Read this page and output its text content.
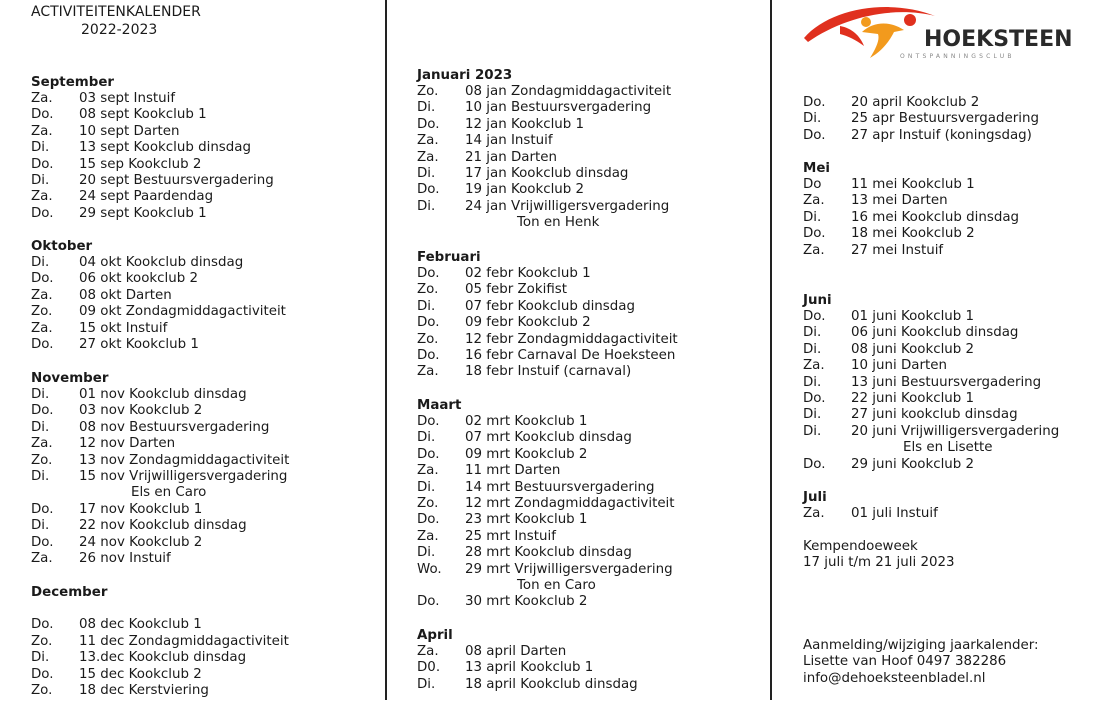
ACTIVITEITENKALENDER
2022-2023	HOEKSTEEN
ONTSPANNINGSCLUB
September
Za.	03 sept Instuif
Do.	08 sept Kookclub 1
Za.	10 sept Darten
Di.	13 sept Kookclub dinsdag
Do.	15 sep Kookclub 2
Di.	20 sept Bestuursvergadering
Za.	24 sept Paardendag
Do.	29 sept Kookclub 1
Oktober
Di.	04 okt Kookclub dinsdag
Do.	06 okt kookclub 2
Za.	08 okt Darten
Zo.	09 okt Zondagmiddagactiviteit
Za.	15 okt Instuif
Do.	27 okt Kookclub 1
November
Di.	01 nov Kookclub dinsdag
Do.	03 nov Kookclub 2
Di.	08 nov Bestuursvergadering
Za.	12 nov Darten
Zo.	13 nov Zondagmiddagactiviteit
Di.	15 nov Vrijwilligersvergadering
Els en Caro
Do.	17 nov Kookclub 1
Di.	22 nov Kookclub dinsdag
Do.	24 nov Kookclub 2
Za.	26 nov Instuif
December
Do.	08 dec Kookclub 1
Zo.	11 dec Zondagmiddagactiviteit
Di.	13.dec Kookclub dinsdag
Do.	15 dec Kookclub 2
Zo.	18 dec Kerstviering
Januari 2023
Zo.	08 jan Zondagmiddagactiviteit
Di.	10 jan Bestuursvergadering
Do.	12 jan Kookclub 1
Za.	14 jan Instuif
Za.	21 jan Darten
Di.	17 jan Kookclub dinsdag
Do.	19 jan Kookclub 2
Di.	24 jan Vrijwilligersvergadering
Ton en Henk
Februari
Do.	02 febr Kookclub 1
Zo.	05 febr Zokifist
Di.	07 febr Kookclub dinsdag
Do.	09 febr Kookclub 2
Zo.	12 febr Zondagmiddagactiviteit
Do.	16 febr Carnaval De Hoeksteen
Za.	18 febr Instuif (carnaval)
Maart
Do.	02 mrt Kookclub 1
Di.	07 mrt Kookclub dinsdag
Do.	09 mrt Kookclub 2
Za.	11 mrt Darten
Di.	14 mrt Bestuursvergadering
Zo.	12 mrt Zondagmiddagactiviteit
Do.	23 mrt Kookclub 1
Za.	25 mrt Instuif
Di.	28 mrt Kookclub dinsdag
Wo.	29 mrt Vrijwilligersvergadering
Ton en Caro
Do.	30 mrt Kookclub 2
April
Za.	08 april Darten
D0.	13 april Kookclub 1
Di.	18 april Kookclub dinsdag
Do.	20 april Kookclub 2
Di.	25 apr Bestuursvergadering
Do.	27 apr Instuif (koningsdag)
Mei
Do	11 mei Kookclub 1
Za.	13 mei Darten
Di.	16 mei Kookclub dinsdag
Do.	18 mei Kookclub 2
Za.	27 mei Instuif
Juni
Do.	01 juni Kookclub 1
Di.	06 juni Kookclub dinsdag
Di.	08 juni Kookclub 2
Za.	10 juni Darten
Di.	13 juni Bestuursvergadering
Do.	22 juni Kookclub 1
Di.	27 juni kookclub dinsdag
Di.	20 juni Vrijwilligersvergadering
Els en Lisette
Do.	29 juni Kookclub 2
Juli
Za.	01 juli Instuif
Kempendoeweek
17 juli t/m 21 juli 2023
Aanmelding/wijziging jaarkalender:
Lisette van Hoof 0497 382286
info@dehoeksteenbladel.nl
